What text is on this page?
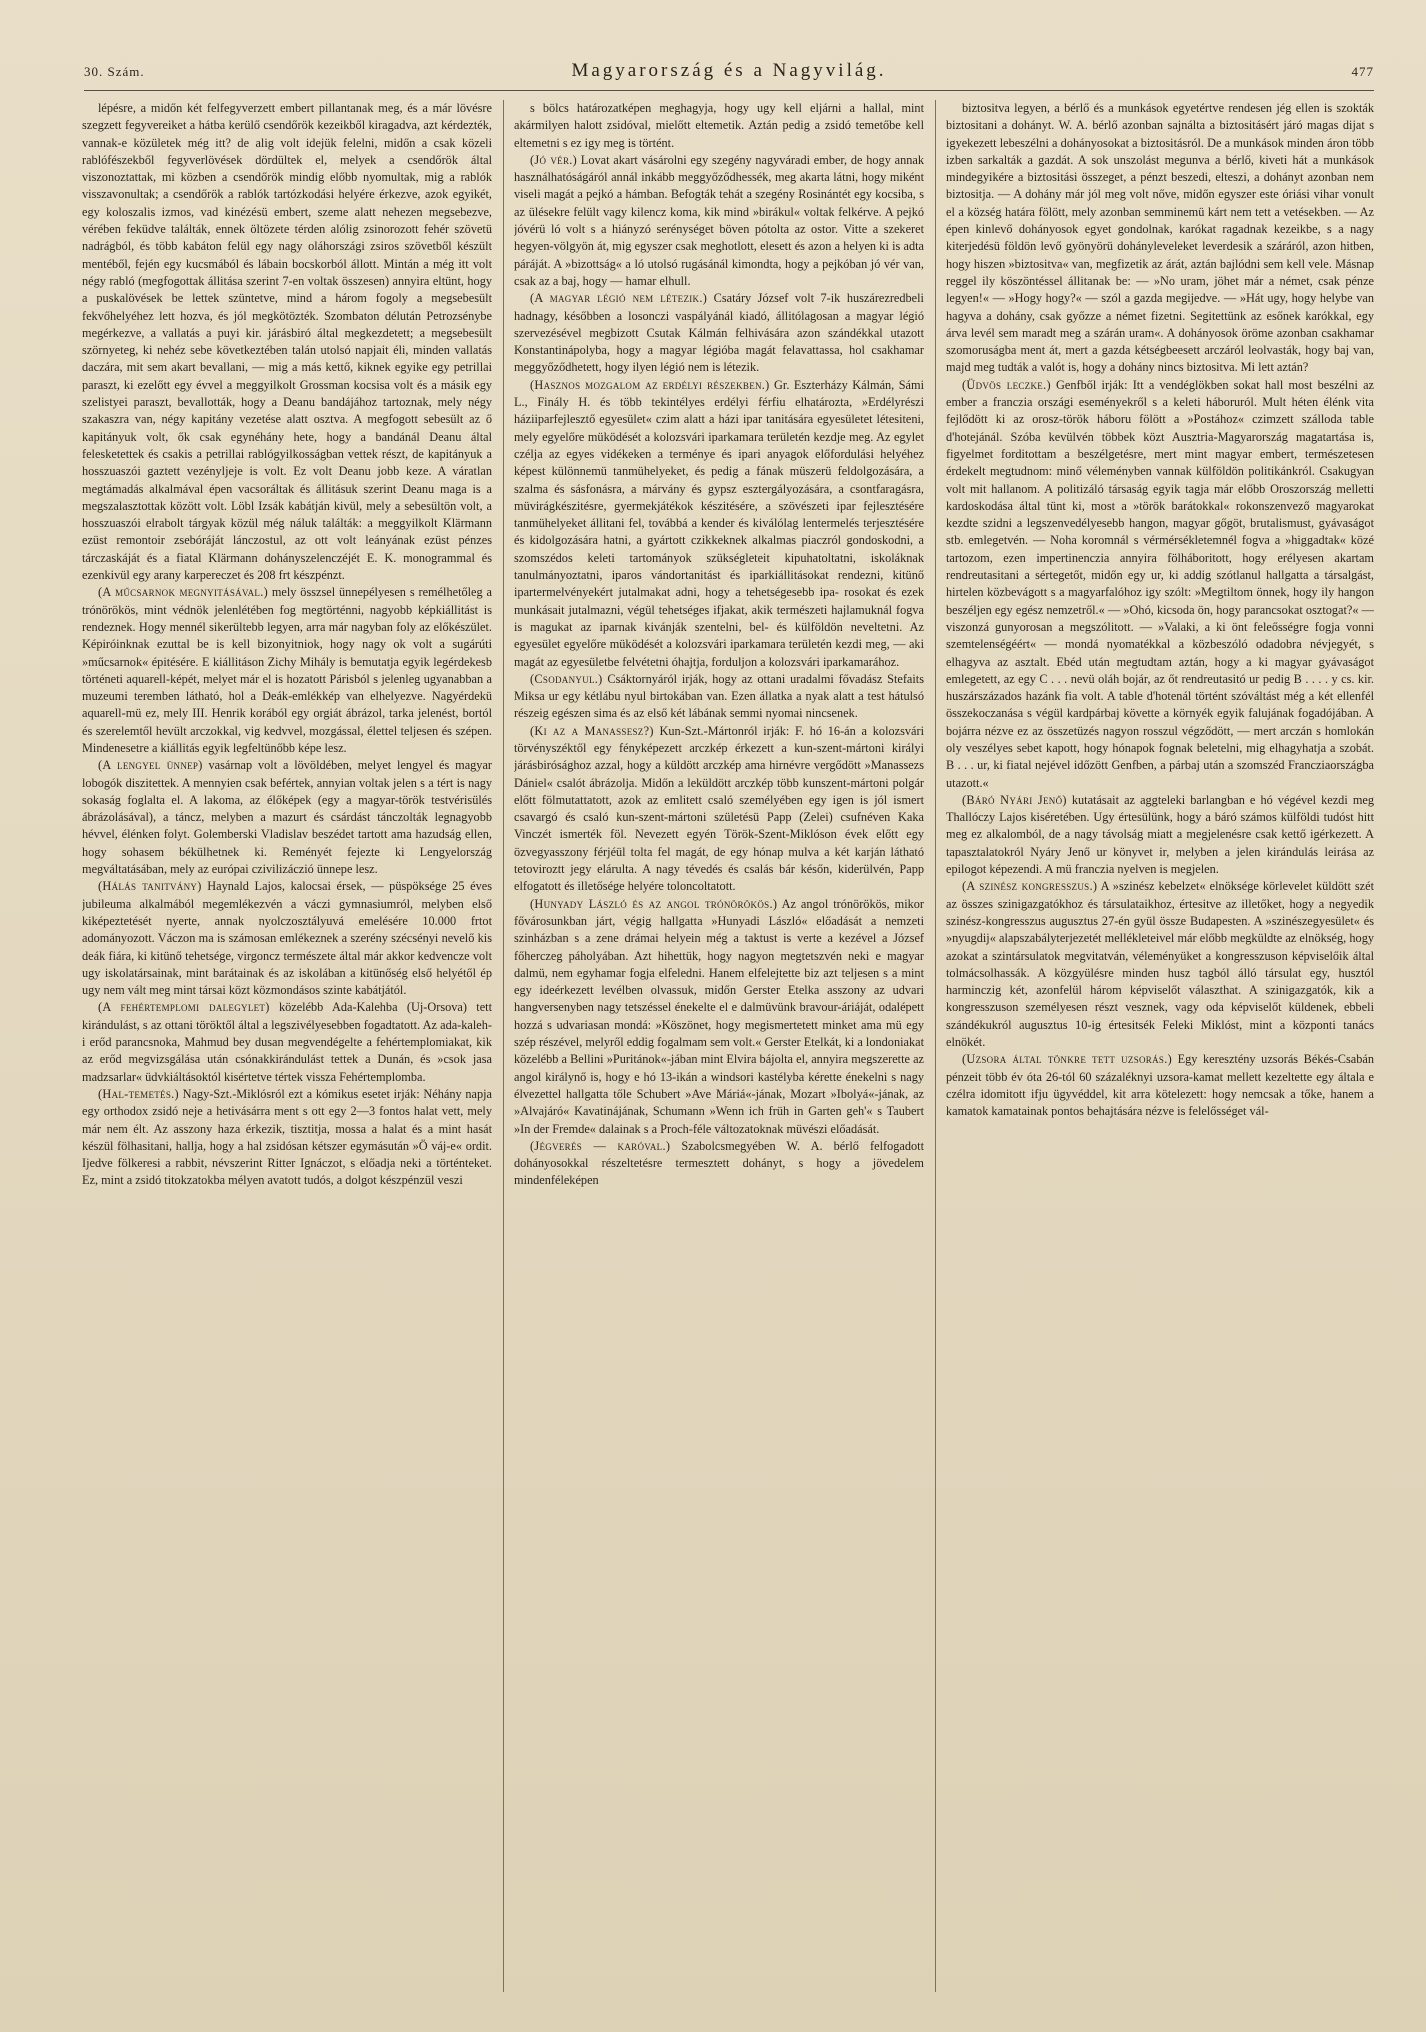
30. Szám.	Magyarország és a Nagyvilág.	477

lépésre, a midőn két felfegyverzett embert pillantanak meg, és a már lövésre szegzett fegyvereiket a hátba kerülő csendőrök kezeikből kiragadva, azt kérdezték, vannak-e közületek még itt? de alig volt idejük felelni, midőn a csak közeli rablófészekből fegyverlövések dördültek el, melyek a csendőrök által viszonoztattak, mi közben a csendőrök mindig előbb nyomultak, mig a rablók visszavonultak; a csendőrök a rablók tartózkodási helyére érkezve, azok egyikét, egy koloszalis izmos, vad kinézésü embert, szeme alatt nehezen megsebezve, vérében feküdve találták, ennek öltözete térden alólig zsinorozott fehér szövetü nadrágból, és több kabáton felül egy nagy oláhországi zsiros szövetből készült mentéből, fején egy kucsmából és lábain bocskorból állott. Mintán a még itt volt négy rabló (megfogottak állitása szerint 7-en voltak összesen) annyira eltünt, hogy a puskalövések be lettek szüntetve, mind a három fogoly a megsebesült fekvőhelyéhez lett hozva, és jól megkötözték. Szombaton délután Petrozsénybe megérkezve, a vallatás a puyi kir. járásbiró által megkezdetett; a megsebesült szörnyeteg, ki nehéz sebe következtében talán utolsó napjait éli, minden vallatás daczára, mit sem akart bevallani, — mig a más kettő, kiknek egyike egy petrillai paraszt, ki ezelőtt egy évvel a meggyilkolt Grossman kocsisa volt és a másik egy szelistyei paraszt, bevallották, hogy a Deanu bandájához tartoznak, mely négy szakaszra van, négy kapitány vezetése alatt osztva. A megfogott sebesült az ő kapitányuk volt, ők csak egynéhány hete, hogy a bandánál Deanu által felesketettek és csakis a petrillai rablógyilkosságban vettek részt, de kapitányuk a hosszuaszói gaztett vezényljeje is volt. Ez volt Deanu jobb keze. A váratlan megtámadás alkalmával épen vacsoráltak és állitásuk szerint Deanu maga is a megszalasztottak között volt. Löbl Izsák kabátján kivül, mely a sebesültön volt, a hosszuaszói elrabolt tárgyak közül még náluk találták: a meggyilkolt Klärmann ezüst remontoir zsebóráját lánczostul, az ott volt leányának ezüst pénzes tárczaskáját és a fiatal Klärmann dohányszelenczéjét E. K. monogrammal és ezenkivül egy arany karpereczet és 208 frt készpénzt.

(A műcsarnok megnyitásával.) mely összsel ünnepélyesen s remélhetőleg a trónörökös, mint védnök jelenlétében fog megtörténni, nagyobb képkiállitást is rendeznek. Hogy mennél sikerültebb legyen, arra már nagyban foly az előkészület. Képiróinknak ezuttal be is kell bizonyitniok, hogy nagy ok volt a sugárúti »műcsarnok« épitésére. E kiállitáson Zichy Mihály is bemutatja egyik legérdekesb történeti aquarell-képét, melyet már el is hozatott Párisból s jelenleg ugyanabban a muzeumi teremben látható, hol a Deák-emlékkép van elhelyezve. Nagyérdekü aquarell-mü ez, mely III. Henrik korából egy orgiát ábrázol, tarka jelenést, bortól és szerelemtől hevült arczokkal, vig kedvvel, mozgással, élettel teljesen és szépen. Mindenesetre a kiállitás egyik legfeltünőbb képe lesz.

(A lengyel ünnep) vasárnap volt a lövöldében, melyet lengyel és magyar lobogók diszitettek. A mennyien csak befértek, annyian voltak jelen s a tért is nagy sokaság foglalta el. A lakoma, az élőképek (egy a magyar-török testvérisülés ábrázolásával), a táncz, melyben a mazurt és csárdást tánczolták legnagyobb hévvel, élénken folyt. Golemberski Vladislav beszédet tartott ama hazudság ellen, hogy sohasem békülhetnek ki. Reményét fejezte ki Lengyelország megváltatásában, mely az európai czivilizáczió ünnepe lesz.

(Hálás tanitvány) Haynald Lajos, kalocsai érsek, — püspöksége 25 éves jubileuma alkalmából megemlékezvén a váczi gymnasiumról, melyben első kiképeztetését nyerte, annak nyolczosztályuvá emelésére 10.000 frtot adományozott. Váczon ma is számosan emlékeznek a szerény szécsényi nevelő kis deák fiára, ki kitünő tehetsége, virgoncz természete által már akkor kedvencze volt ugy iskolatársainak, mint barátainak és az iskolában a kitünőség első helyétől ép ugy nem vált meg mint társai közt közmondásos szinte kabátjától.

(A fehértemplomi dalegylet) közelébb Ada-Kalehba (Uj-Orsova) tett kirándulást, s az ottani töröktől által a legszivélyesebben fogadtatott. Az ada-kaleh-i erőd parancsnoka, Mahmud bey dusan megvendégelte a fehértemplomiakat, kik az erőd megvizsgálása után csónakkirándulást tettek a Dunán, és »csok jasa madzsarlar« üdvkiáltásoktól kisértetve tértek vissza Fehértemplomba.

(Hal-temetés.) Nagy-Szt.-Miklósról ezt a kómikus esetet irják: Néhány napja egy orthodox zsidó neje a hetivásárra ment s ott egy 2—3 fontos halat vett, mely már nem élt. Az asszony haza érkezik, tisztitja, mossa a halat és a mint hasát készül fölhasitani, hallja, hogy a hal zsidósan kétszer egymásután »Ö váj-e« ordit. Ijedve fölkeresi a rabbit, névszerint Ritter Ignáczot, s előadja neki a történteket. Ez, mint a zsidó titokzatokba mélyen avatott tudós, a dolgot készpénzül veszi

s bölcs határozatképen meghagyja, hogy ugy kell eljárni a hallal, mint akármilyen halott zsidóval, mielőtt eltemetik. Aztán pedig a zsidó temetőbe kell eltemetni s ez igy meg is történt.

(Jó vér.) Lovat akart vásárolni egy szegény nagyváradi ember, de hogy annak használhatóságáról annál inkább meggyőződhessék, meg akarta látni, hogy miként viseli magát a pejkó a hámban. Befogták tehát a szegény Rosinántét egy kocsiba, s az ülésekre felült vagy kilencz koma, kik mind »birákul« voltak felkérve. A pejkó jóvérü ló volt s a hiányzó serénységet böven pótolta az ostor. Vitte a szekeret hegyen-völgyön át, mig egyszer csak meghotlott, elesett és azon a helyen ki is adta páráját. A »bizottság« a ló utolsó rugásánál kimondta, hogy a pejkóban jó vér van, csak az a baj, hogy — hamar elhull.

(A magyar légió nem létezik.) Csatáry József volt 7-ik huszárezredbeli hadnagy, későbben a losonczi vaspályánál kiadó, állitólagosan a magyar légió szervezésével megbizott Csutak Kálmán felhivására azon szándékkal utazott Konstantinápolyba, hogy a magyar légióba magát felavattassa, hol csakhamar meggyőződhetett, hogy ilyen légió nem is létezik.

(Hasznos mozgalom az erdélyi részekben.) Gr. Eszterházy Kálmán, Sámi L., Finály H. és több tekintélyes erdélyi férfiu elhatározta, »Erdélyrészi háziiparfejlesztő egyesület« czim alatt a házi ipar tanitására egyesületet létesiteni, mely egyelőre müködését a kolozsvári iparkamara területén kezdje meg. Az egylet czélja az egyes vidékeken a terménye és ipari anyagok előfordulási helyéhez képest különnemü tanmühelyeket, és pedig a fának müszerü feldolgozására, a szalma és sásfonásra, a márvány és gypsz esztergályozására, a csontfaragásra, müvirágkészitésre, gyermekjátékok készitésére, a szövészeti ipar fejlesztésére tanmühelyeket állitani fel, továbbá a kender és kiválólag lentermelés terjesztésére és kidolgozására hatni, a gyártott czikkeknek alkalmas piaczról gondoskodni, a szomszédos keleti tartományok szükségleteit kipuhatoltatni, iskoláknak tanulmányoztatni, iparos vándortanitást és iparkiállitásokat rendezni, kitünő ipartermelvényekért jutalmakat adni, hogy a tehetségesebb ipa- rosokat és ezek munkásait jutalmazni, végül tehetséges ifjakat, akik természeti hajlamuknál fogva is magukat az iparnak kivánják szentelni, bel- és külföldön neveltetni. Az egyesület egyelőre müködését a kolozsvári iparkamara területén kezdi meg, — aki magát az egyesületbe felvétetni óhajtja, forduljon a kolozsvári iparkamarához.

(Csodanyul.) Csáktornyáról irják, hogy az ottani uradalmi fővadász Stefaits Miksa ur egy kétlábu nyul birtokában van. Ezen állatka a nyak alatt a test hátulsó részeig egészen sima és az első két lábának semmi nyomai nincsenek.

(Ki az a Manassesz?) Kun-Szt.-Mártonról irják: F. hó 16-án a kolozsvári törvényszéktől egy fényképezett arczkép érkezett a kun-szent-mártoni királyi járásbirósághoz azzal, hogy a küldött arczkép ama hirnévre vergődött »Manassezs Dániel« csalót ábrázolja. Midőn a leküldött arczkép több kunszent-mártoni polgár előtt fölmutattatott, azok az emlitett csaló személyében egy igen is jól ismert csavargó és csaló kun-szent-mártoni születésü Papp (Zelei) csufnéven Kaka Vinczét ismerték föl. Nevezett egyén Török-Szent-Miklóson évek előtt egy özvegyasszony férjéül tolta fel magát, de egy hónap mulva a két karján látható tetoviroztt jegy elárulta. A nagy tévedés és csalás bár későn, kiderülvén, Papp elfogatott és illetősége helyére toloncoltatott.

(Hunyady László és az angol trónörökös.) Az angol trónörökös, mikor fővárosunkban járt, végig hallgatta »Hunyadi László« előadását a nemzeti szinházban s a zene drámai helyein még a taktust is verte a kezével a József főherczeg páholyában. Azt hihettük, hogy nagyon megtetszvén neki e magyar dalmü, nem egyhamar fogja elfeledni. Hanem elfelejtette biz azt teljesen s a mint egy ideérkezett levélben olvassuk, midőn Gerster Etelka asszony az udvari hangversenyben nagy tetszéssel énekelte el e dalmüvünk bravour-áriáját, odalépett hozzá s udvariasan mondá: »Köszönet, hogy megismertetett minket ama mü egy szép részével, melyről eddig fogalmam sem volt.« Gerster Etelkát, ki a londoniakat közelébb a Bellini »Puritánok«-jában mint Elvira bájolta el, annyira megszerette az angol királynő is, hogy e hó 13-ikán a windsori kastélyba kérette énekelni s nagy élvezettel hallgatta tőle Schubert »Ave Máriá«-jának, Mozart »Ibolyá«-jának, az »Alvajáró« Kavatinájának, Schumann »Wenn ich früh in Garten geh'« s Taubert »In der Fremde« dalainak s a Proch-féle változatoknak müvészi előadását.

(Jégverés — karóval.) Szabolcsmegyében W. A. bérlő felfogadott dohányosokkal részeltetésre termesztett dohányt, s hogy a jövedelem mindenféleképen

biztositva legyen, a bérlő és a munkások egyetértve rendesen jég ellen is szokták biztositani a dohányt. W. A. bérlő azonban sajnálta a biztositásért járó magas dijat s igyekezett lebeszélni a dohányosokat a biztositásról. De a munkások minden áron több izben sarkalták a gazdát. A sok unszolást megunva a bérlő, kiveti hát a munkások mindegyikére a biztositási összeget, a pénzt beszedi, elteszi, a dohányt azonban nem biztositja. — A dohány már jól meg volt nőve, midőn egyszer este óriási vihar vonult el a község határa fölött, mely azonban semminemü kárt nem tett a vetésekben. — Az épen kinlevő dohányosok egyet gondolnak, karókat ragadnak kezeikbe, s a nagy kiterjedésü földön levő gyönyörü dohányleveleket leverdesik a száráról, azon hitben, hogy hiszen »biztositva« van, megfizetik az árát, aztán bajlódni sem kell vele. Másnap reggel ily köszöntéssel állitanak be: — »No uram, jöhet már a német, csak pénze legyen!« — »Hogy hogy?« — szól a gazda megijedve. — »Hát ugy, hogy helybe van hagyva a dohány, csak győzze a német fizetni. Segitettünk az esőnek karókkal, egy árva levél sem maradt meg a szárán uram«. A dohányosok öröme azonban csakhamar szomoruságba ment át, mert a gazda kétségbeesett arczáról leolvasták, hogy baj van, majd meg tudták a valót is, hogy a dohány nincs biztositva. Mi lett aztán?

(Üdvös leczke.) Genfből irják: Itt a vendéglökben sokat hall most beszélni az ember a franczia országi eseményekről s a keleti háboruról. Mult héten élénk vita fejlődött ki az orosz-török háboru fölött a »Postához« czimzett szálloda table d'hotejánál. Szóba kevülvén többek közt Ausztria-Magyarország magatartása is, figyelmet forditottam a beszélgetésre, mert mint magyar embert, természetesen érdekelt megtudnom: minő véleményben vannak külföldön politikánkról. Csakugyan volt mit hallanom. A politizáló társaság egyik tagja már előbb Oroszország melletti kardoskodása által tünt ki, most a »török barátokkal« rokonszenvező magyarokat kezdte szidni a legszenvedélyesebb hangon, magyar gőgöt, brutalismust, gyávaságot stb. emlegetvén. — Noha koromnál s vérmérsékletemnél fogva a »higgadtak« közé tartozom, ezen impertinenczia annyira fölháboritott, hogy erélyesen akartam rendreutasitani a sértegetőt, midőn egy ur, ki addig szótlanul hallgatta a társalgást, hirtelen közbevágott s a magyarfalóhoz igy szólt: »Megtiltom önnek, hogy ily hangon beszéljen egy egész nemzetről.« — »Ohó, kicsoda ön, hogy parancsokat osztogat?« — viszonzá gunyorosan a megszólitott. — »Valaki, a ki önt feleősségre fogja vonni szemtelenségéért« — mondá nyomatékkal a közbeszóló odadobra névjegyét, s elhagyva az asztalt. Ebéd után megtudtam aztán, hogy a ki magyar gyávaságot emlegetett, az egy C . . . nevü oláh bojár, az őt rendreutasitó ur pedig B . . . . y cs. kir. huszárszázados hazánk fia volt. A table d'hotenál történt szóváltást még a két ellenfél összekoczanása s végül kardpárbaj követte a környék egyik falujának fogadójában. A bojárra nézve ez az összetüzés nagyon rosszul végződött, — mert arczán s homlokán oly veszélyes sebet kapott, hogy hónapok fognak beletelni, mig elhagyhatja a szobát. B . . . ur, ki fiatal nejével időzött Genfben, a párbaj után a szomszéd Francziaországba utazott.«

(Báró Nyári Jenő) kutatásait az aggteleki barlangban e hó végével kezdi meg Thallóczy Lajos kiséretében. Ugy értesülünk, hogy a báró számos külföldi tudóst hitt meg ez alkalomból, de a nagy távolság miatt a megjelenésre csak kettő igérkezett. A tapasztalatokról Nyáry Jenő ur könyvet ir, melyben a jelen kirándulás leirása az epilogot képezendi. A mü franczia nyelven is megjelen.

(A szinész kongresszus.) A »szinész kebelzet« elnöksége körlevelet küldött szét az összes szinigazgatókhoz és társulataikhoz, értesitve az illetőket, hogy a negyedik szinész-kongresszus augusztus 27-én gyül össze Budapesten. A »szinészegyesület« és »nyugdij« alapszabályterjezetét mellékleteivel már előbb megküldte az elnökség, hogy azokat a szintársulatok megvitatván, véleményüket a kongresszuson képviselőik által tolmácsolhassák. A közgyülésre minden husz tagból álló társulat egy, husztól harminczig két, azonfelül három képviselőt választhat. A szinigazgatók, kik a kongresszuson személyesen részt vesznek, vagy oda képviselőt küldenek, ebbeli szándékukról augusztus 10-ig értesitsék Feleki Miklóst, mint a központi tanács elnökét.

(Uzsora által tönkre tett uzsorás.) Egy keresztény uzsorás Békés-Csabán pénzeit több év óta 26-tól 60 százaléknyi uzsora-kamat mellett kezeltette egy általa e czélra idomitott ifju ügyvéddel, kit arra kötelezett: hogy nemcsak a tőke, hanem a kamatok kamatainak pontos behajtására nézve is felelősséget vál-
